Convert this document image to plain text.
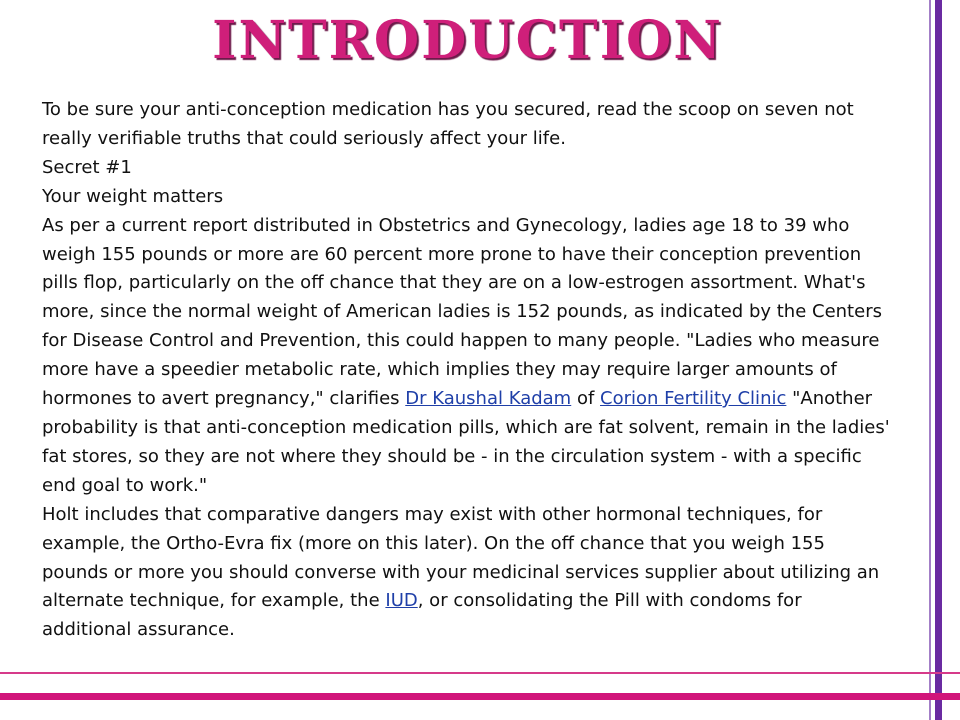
INTRODUCTION

To be sure your anti-conception medication has you secured, read the scoop on seven not really verifiable truths that could seriously affect your life.

Secret #1

Your weight matters

As per a current report distributed in Obstetrics and Gynecology, ladies age 18 to 39 who weigh 155 pounds or more are 60 percent more prone to have their conception prevention pills flop, particularly on the off chance that they are on a low-estrogen assortment. What's more, since the normal weight of American ladies is 152 pounds, as indicated by the Centers for Disease Control and Prevention, this could happen to many people. "Ladies who measure more have a speedier metabolic rate, which implies they may require larger amounts of hormones to avert pregnancy," clarifies Dr Kaushal Kadam of Corion Fertility Clinic "Another probability is that anti-conception medication pills, which are fat solvent, remain in the ladies' fat stores, so they are not where they should be - in the circulation system - with a specific end goal to work."

Holt includes that comparative dangers may exist with other hormonal techniques, for example, the Ortho-Evra fix (more on this later). On the off chance that you weigh 155 pounds or more you should converse with your medicinal services supplier about utilizing an alternate technique, for example, the IUD, or consolidating the Pill with condoms for additional assurance.
